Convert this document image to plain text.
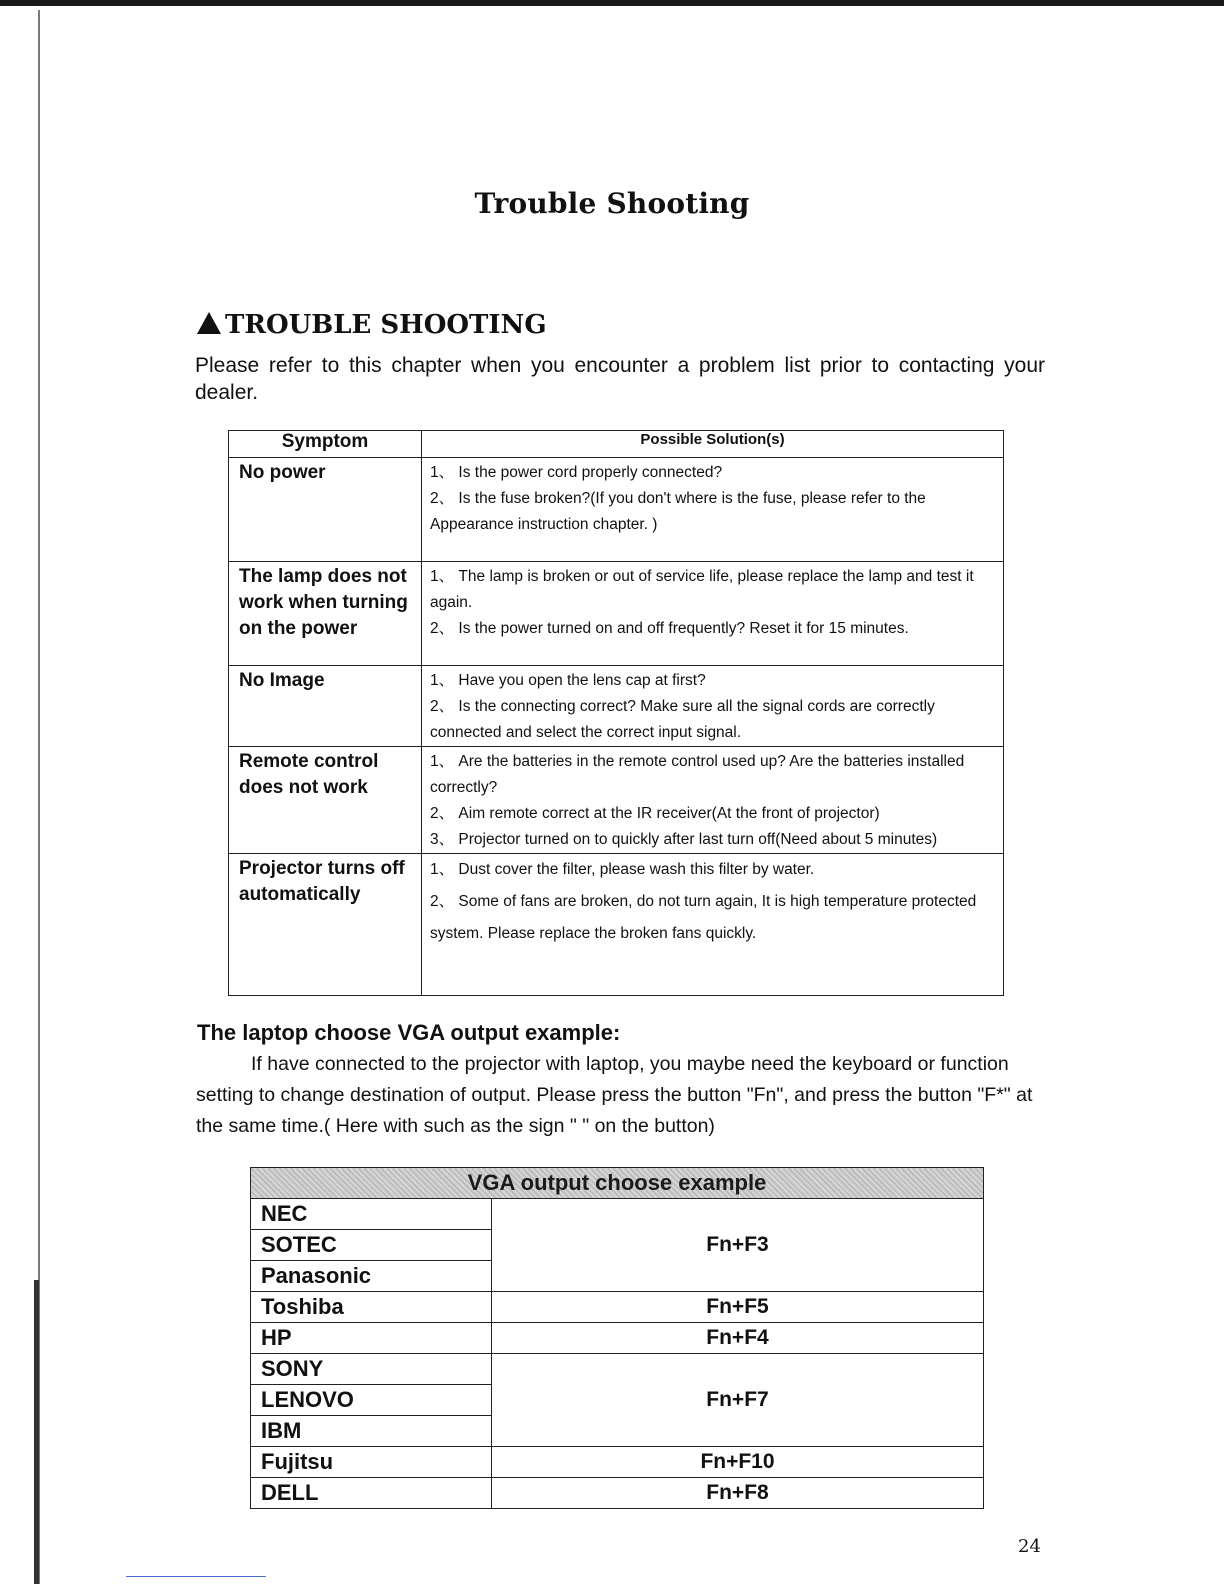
Trouble Shooting
TROUBLE SHOOTING
Please refer to this chapter when you encounter a problem list prior to contacting your dealer.
Symptom	Possible Solution(s)
No power	1、 Is the power cord properly connected?

2、 Is the fuse broken?(If you don't where is the fuse, please refer to the Appearance instruction chapter. )

The lamp does not work when turning on the power	1、 The lamp is broken or out of service life, please replace the lamp and test it again.

2、 Is the power turned on and off frequently? Reset it for 15 minutes.

No Image	1、 Have you open the lens cap at first?

2、 Is the connecting correct? Make sure all the signal cords are correctly connected and select the correct input signal.

Remote control does not work	1、 Are the batteries in the remote control used up? Are the batteries installed correctly?

2、 Aim remote correct at the IR receiver(At the front of projector)

3、 Projector turned on to quickly after last turn off(Need about 5 minutes)

Projector turns off automatically	1、 Dust cover the filter, please wash this filter by water.

2、 Some of fans are broken, do not turn again, It is high temperature protected system. Please replace the broken fans quickly.

The laptop choose VGA output example:
If have connected to the projector with laptop, you maybe need the keyboard or function setting to change destination of output. Please press the button "Fn", and press the button "F*" at the same time.( Here with such as the sign " " on the button)
VGA output choose example	
NEC	Fn+F3
SOTEC	
Panasonic	
Toshiba	Fn+F5
HP	Fn+F4
SONY	Fn+F7
LENOVO	
IBM	
Fujitsu	Fn+F10
DELL	Fn+F8
24
